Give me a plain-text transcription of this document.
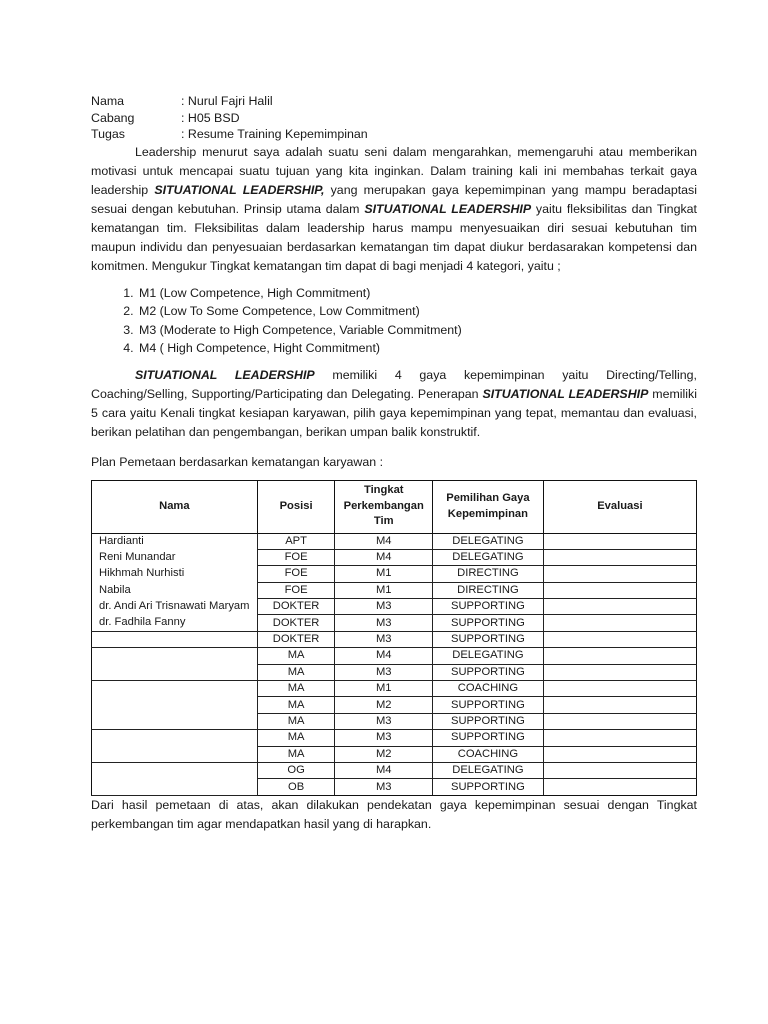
Nama	: Nurul Fajri Halil
Cabang	: H05 BSD
Tugas	: Resume Training Kepemimpinan

Leadership menurut saya adalah suatu seni dalam mengarahkan, memengaruhi atau memberikan motivasi untuk mencapai suatu tujuan yang kita inginkan. Dalam training kali ini membahas terkait gaya leadership SITUATIONAL LEADERSHIP, yang merupakan gaya kepemimpinan yang mampu beradaptasi sesuai dengan kebutuhan. Prinsip utama dalam SITUATIONAL LEADERSHIP yaitu fleksibilitas dan Tingkat kematangan tim. Fleksibilitas dalam leadership harus mampu menyesuaikan diri sesuai kebutuhan tim maupun individu dan penyesuaian berdasarkan kematangan tim dapat diukur berdasarakan kompetensi dan komitmen. Mengukur Tingkat kematangan tim dapat di bagi menjadi 4 kategori, yaitu ;

1. M1 (Low Competence, High Commitment)
2. M2 (Low To Some Competence, Low Commitment)
3. M3 (Moderate to High Competence, Variable Commitment)
4. M4 ( High Competence, Hight Commitment)

SITUATIONAL LEADERSHIP memiliki 4 gaya kepemimpinan yaitu Directing/Telling, Coaching/Selling, Supporting/Participating dan Delegating. Penerapan SITUATIONAL LEADERSHIP memiliki 5 cara yaitu Kenali tingkat kesiapan karyawan, pilih gaya kepemimpinan yang tepat, memantau dan evaluasi, berikan pelatihan dan pengembangan, berikan umpan balik konstruktif.

Plan Pemetaan berdasarkan kematangan karyawan :

Nama	Posisi	Tingkat Perkembangan Tim	Pemilihan Gaya Kepemimpinan	Evaluasi
Hardianti	APT	M4	DELEGATING	
Reni Munandar	FOE	M4	DELEGATING	
Hikhmah Nurhisti	FOE	M1	DIRECTING	
Nabila	FOE	M1	DIRECTING	
dr. Andi Ari Trisnawati Maryam	DOKTER	M3	SUPPORTING	
dr. Fadhila Fanny	DOKTER	M3	SUPPORTING	
	DOKTER	M3	SUPPORTING	
	MA	M4	DELEGATING	
	MA	M3	SUPPORTING	
	MA	M1	COACHING	
	MA	M2	SUPPORTING	
	MA	M3	SUPPORTING	
	MA	M3	SUPPORTING	
	MA	M2	COACHING	
	OG	M4	DELEGATING	
	OB	M3	SUPPORTING	

Dari hasil pemetaan di atas, akan dilakukan pendekatan gaya kepemimpinan sesuai dengan Tingkat perkembangan tim agar mendapatkan hasil yang di harapkan.
